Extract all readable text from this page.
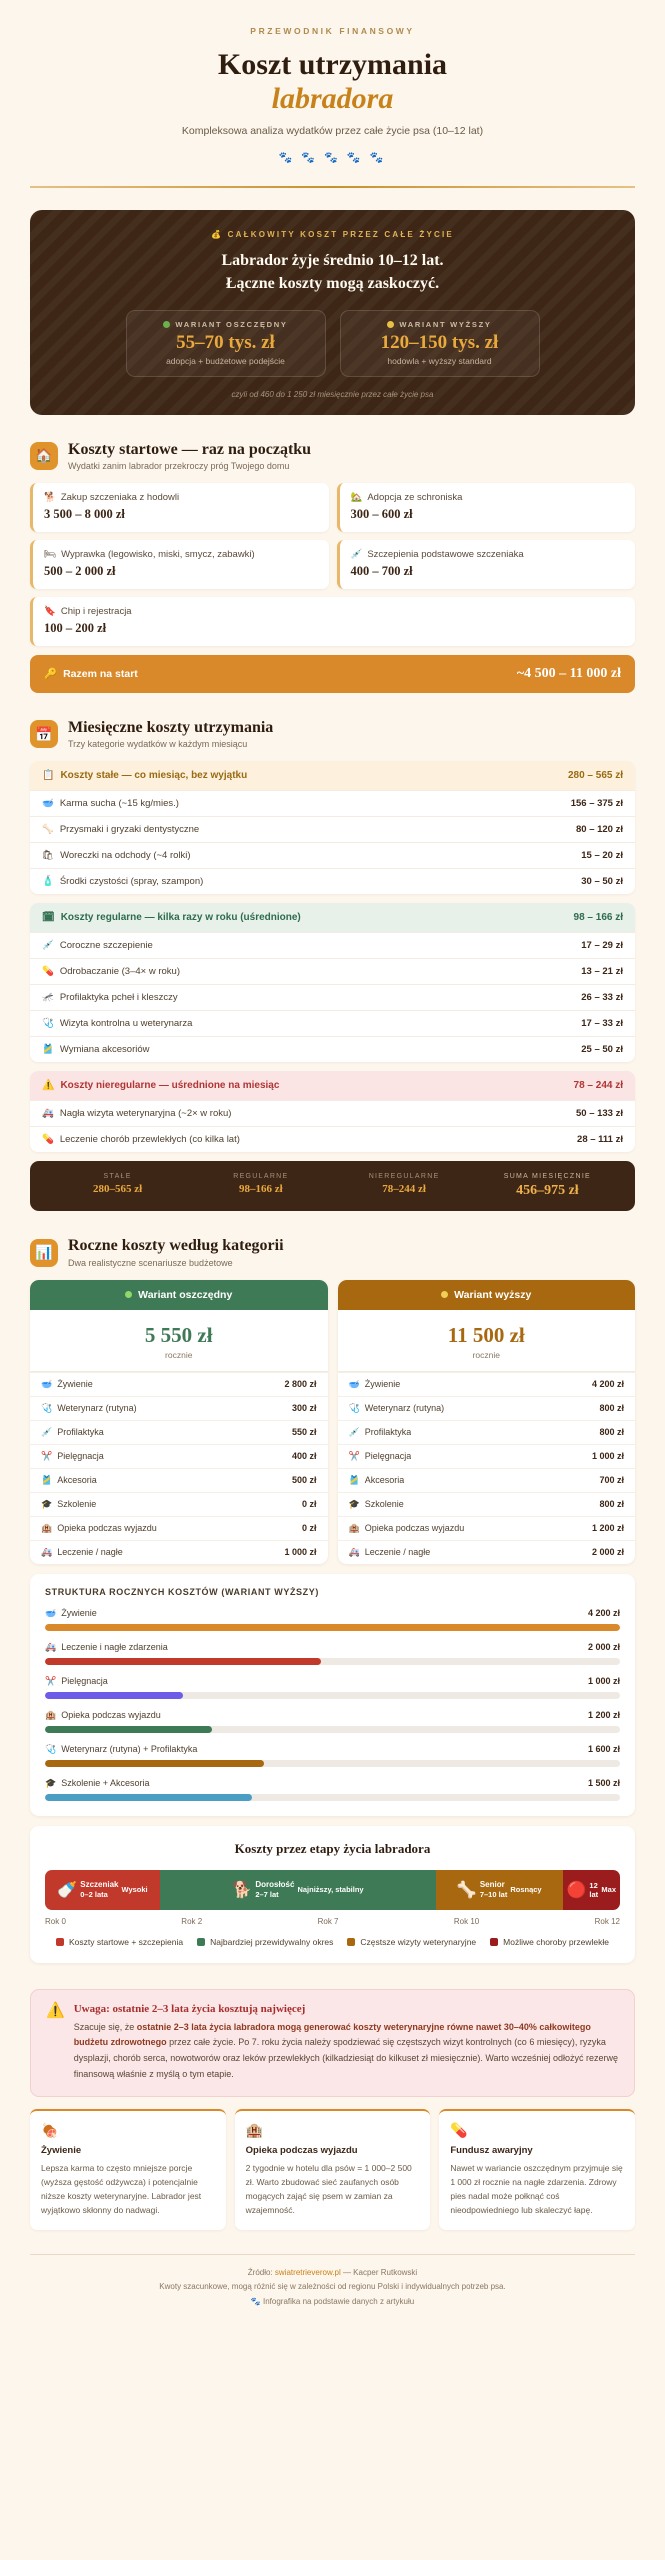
PRZEWODNIK FINANSOWY
Koszt utrzymania
labradora
Kompleksowa analiza wydatków przez całe życie psa (10–12 lat)
🐾 🐾 🐾 🐾 🐾
💰 CAŁKOWITY KOSZT PRZEZ CAŁE ŻYCIE
Labrador żyje średnio 10–12 lat.
Łączne koszty mogą zaskoczyć.
WARIANT OSZCZĘDNY
55–70 tys. zł
adopcja + budżetowe podejście
WARIANT WYŻSZY
120–150 tys. zł
hodowla + wyższy standard
czyli od 460 do 1 250 zł miesięcznie przez całe życie psa
🏠 Koszty startowe — raz na początku
Wydatki zanim labrador przekroczy próg Twojego domu
🐕 Zakup szczeniaka z hodowli
3 500 – 8 000 zł
🏡 Adopcja ze schroniska
300 – 600 zł
🛏 Wyprawka (legowisko, miski, smycz, zabawki)
500 – 2 000 zł
💉 Szczepienia podstawowe szczeniaka
400 – 700 zł
🔖 Chip i rejestracja
100 – 200 zł
🔑 Razem na start	~4 500 – 11 000 zł
📅 Miesięczne koszty utrzymania
Trzy kategorie wydatków w każdym miesiącu
📋 Koszty stałe — co miesiąc, bez wyjątku	280 – 565 zł
🥣 Karma sucha (~15 kg/mies.)	156 – 375 zł
🦴 Przysmaki i gryzaki dentystyczne	80 – 120 zł
🛍 Woreczki na odchody (~4 rolki)	15 – 20 zł
🧴 Środki czystości (spray, szampon)	30 – 50 zł
🗓 Koszty regularne — kilka razy w roku (uśrednione)	98 – 166 zł
💉 Coroczne szczepienie	17 – 29 zł
💊 Odrobaczanie (3–4× w roku)	13 – 21 zł
🦟 Profilaktyka pcheł i kleszczy	26 – 33 zł
🩺 Wizyta kontrolna u weterynarza	17 – 33 zł
🎽 Wymiana akcesoriów	25 – 50 zł
⚠️ Koszty nieregularne — uśrednione na miesiąc	78 – 244 zł
🚑 Nagła wizyta weterynaryjna (~2× w roku)	50 – 133 zł
💊 Leczenie chorób przewlekłych (co kilka lat)	28 – 111 zł
STAŁE
280–565 zł
REGULARNE
98–166 zł
NIEREGULARNE
78–244 zł
SUMA MIESIĘCZNIE
456–975 zł
📊 Roczne koszty według kategorii
Dwa realistyczne scenariusze budżetowe
Wariant oszczędny
5 550 zł
rocznie
🥣 Żywienie	2 800 zł
🩺 Weterynarz (rutyna)	300 zł
💉 Profilaktyka	550 zł
✂️ Pielęgnacja	400 zł
🎽 Akcesoria	500 zł
🎓 Szkolenie	0 zł
🏨 Opieka podczas wyjazdu	0 zł
🚑 Leczenie / nagłe	1 000 zł
Wariant wyższy
11 500 zł
rocznie
🥣 Żywienie	4 200 zł
🩺 Weterynarz (rutyna)	800 zł
💉 Profilaktyka	800 zł
✂️ Pielęgnacja	1 000 zł
🎽 Akcesoria	700 zł
🎓 Szkolenie	800 zł
🏨 Opieka podczas wyjazdu	1 200 zł
🚑 Leczenie / nagłe	2 000 zł
STRUKTURA ROCZNYCH KOSZTÓW (WARIANT WYŻSZY)
🥣 Żywienie	4 200 zł
🚑 Leczenie i nagłe zdarzenia	2 000 zł
✂️ Pielęgnacja	1 000 zł
🏨 Opieka podczas wyjazdu	1 200 zł
🩺 Weterynarz (rutyna) + Profilaktyka	1 600 zł
🎓 Szkolenie + Akcesoria	1 500 zł
Koszty przez etapy życia labradora
🍼 Szczeniak
0–2 lata
Wysoki	🐕 Dorosłość
2–7 lat
Najniższy, stabilny	🦴 Senior
7–10 lat
Rosnący 🔴 12 lat Max
Rok 0	Rok 2	Rok 7	Rok 10	Rok 12
Koszty startowe + szczepienia	Najbardziej przewidywalny okres	Częstsze wizyty weterynaryjne	Możliwe choroby przewlekłe
⚠️ Uwaga: ostatnie 2–3 lata życia kosztują najwięcej
Szacuje się, że ostatnie 2–3 lata życia labradora mogą generować koszty weterynaryjne równe nawet 30–40% całkowitego budżetu zdrowotnego przez całe życie. Po 7. roku życia należy spodziewać się częstszych wizyt kontrolnych (co 6 miesięcy), ryzyka dysplazji, chorób serca, nowotworów oraz leków przewlekłych (kilkadziesiąt do kilkuset zł miesięcznie). Warto wcześniej odłożyć rezerwę finansową właśnie z myślą o tym etapie.
🍖
Żywienie
Lepsza karma to często mniejsze porcje (wyższa gęstość odżywcza) i potencjalnie niższe koszty weterynaryjne. Labrador jest wyjątkowo skłonny do nadwagi.
🏨
Opieka podczas wyjazdu
2 tygodnie w hotelu dla psów = 1 000–2 500 zł. Warto zbudować sieć zaufanych osób mogących zająć się psem w zamian za wzajemność.
💊
Fundusz awaryjny
Nawet w wariancie oszczędnym przyjmuje się 1 000 zł rocznie na nagłe zdarzenia. Zdrowy pies nadal może połknąć coś nieodpowiedniego lub skaleczyć łapę.
Źródło: swiatretrieverow.pl — Kacper Rutkowski
Kwoty szacunkowe, mogą różnić się w zależności od regionu Polski i indywidualnych potrzeb psa.
🐾 Infografika na podstawie danych z artykułu
